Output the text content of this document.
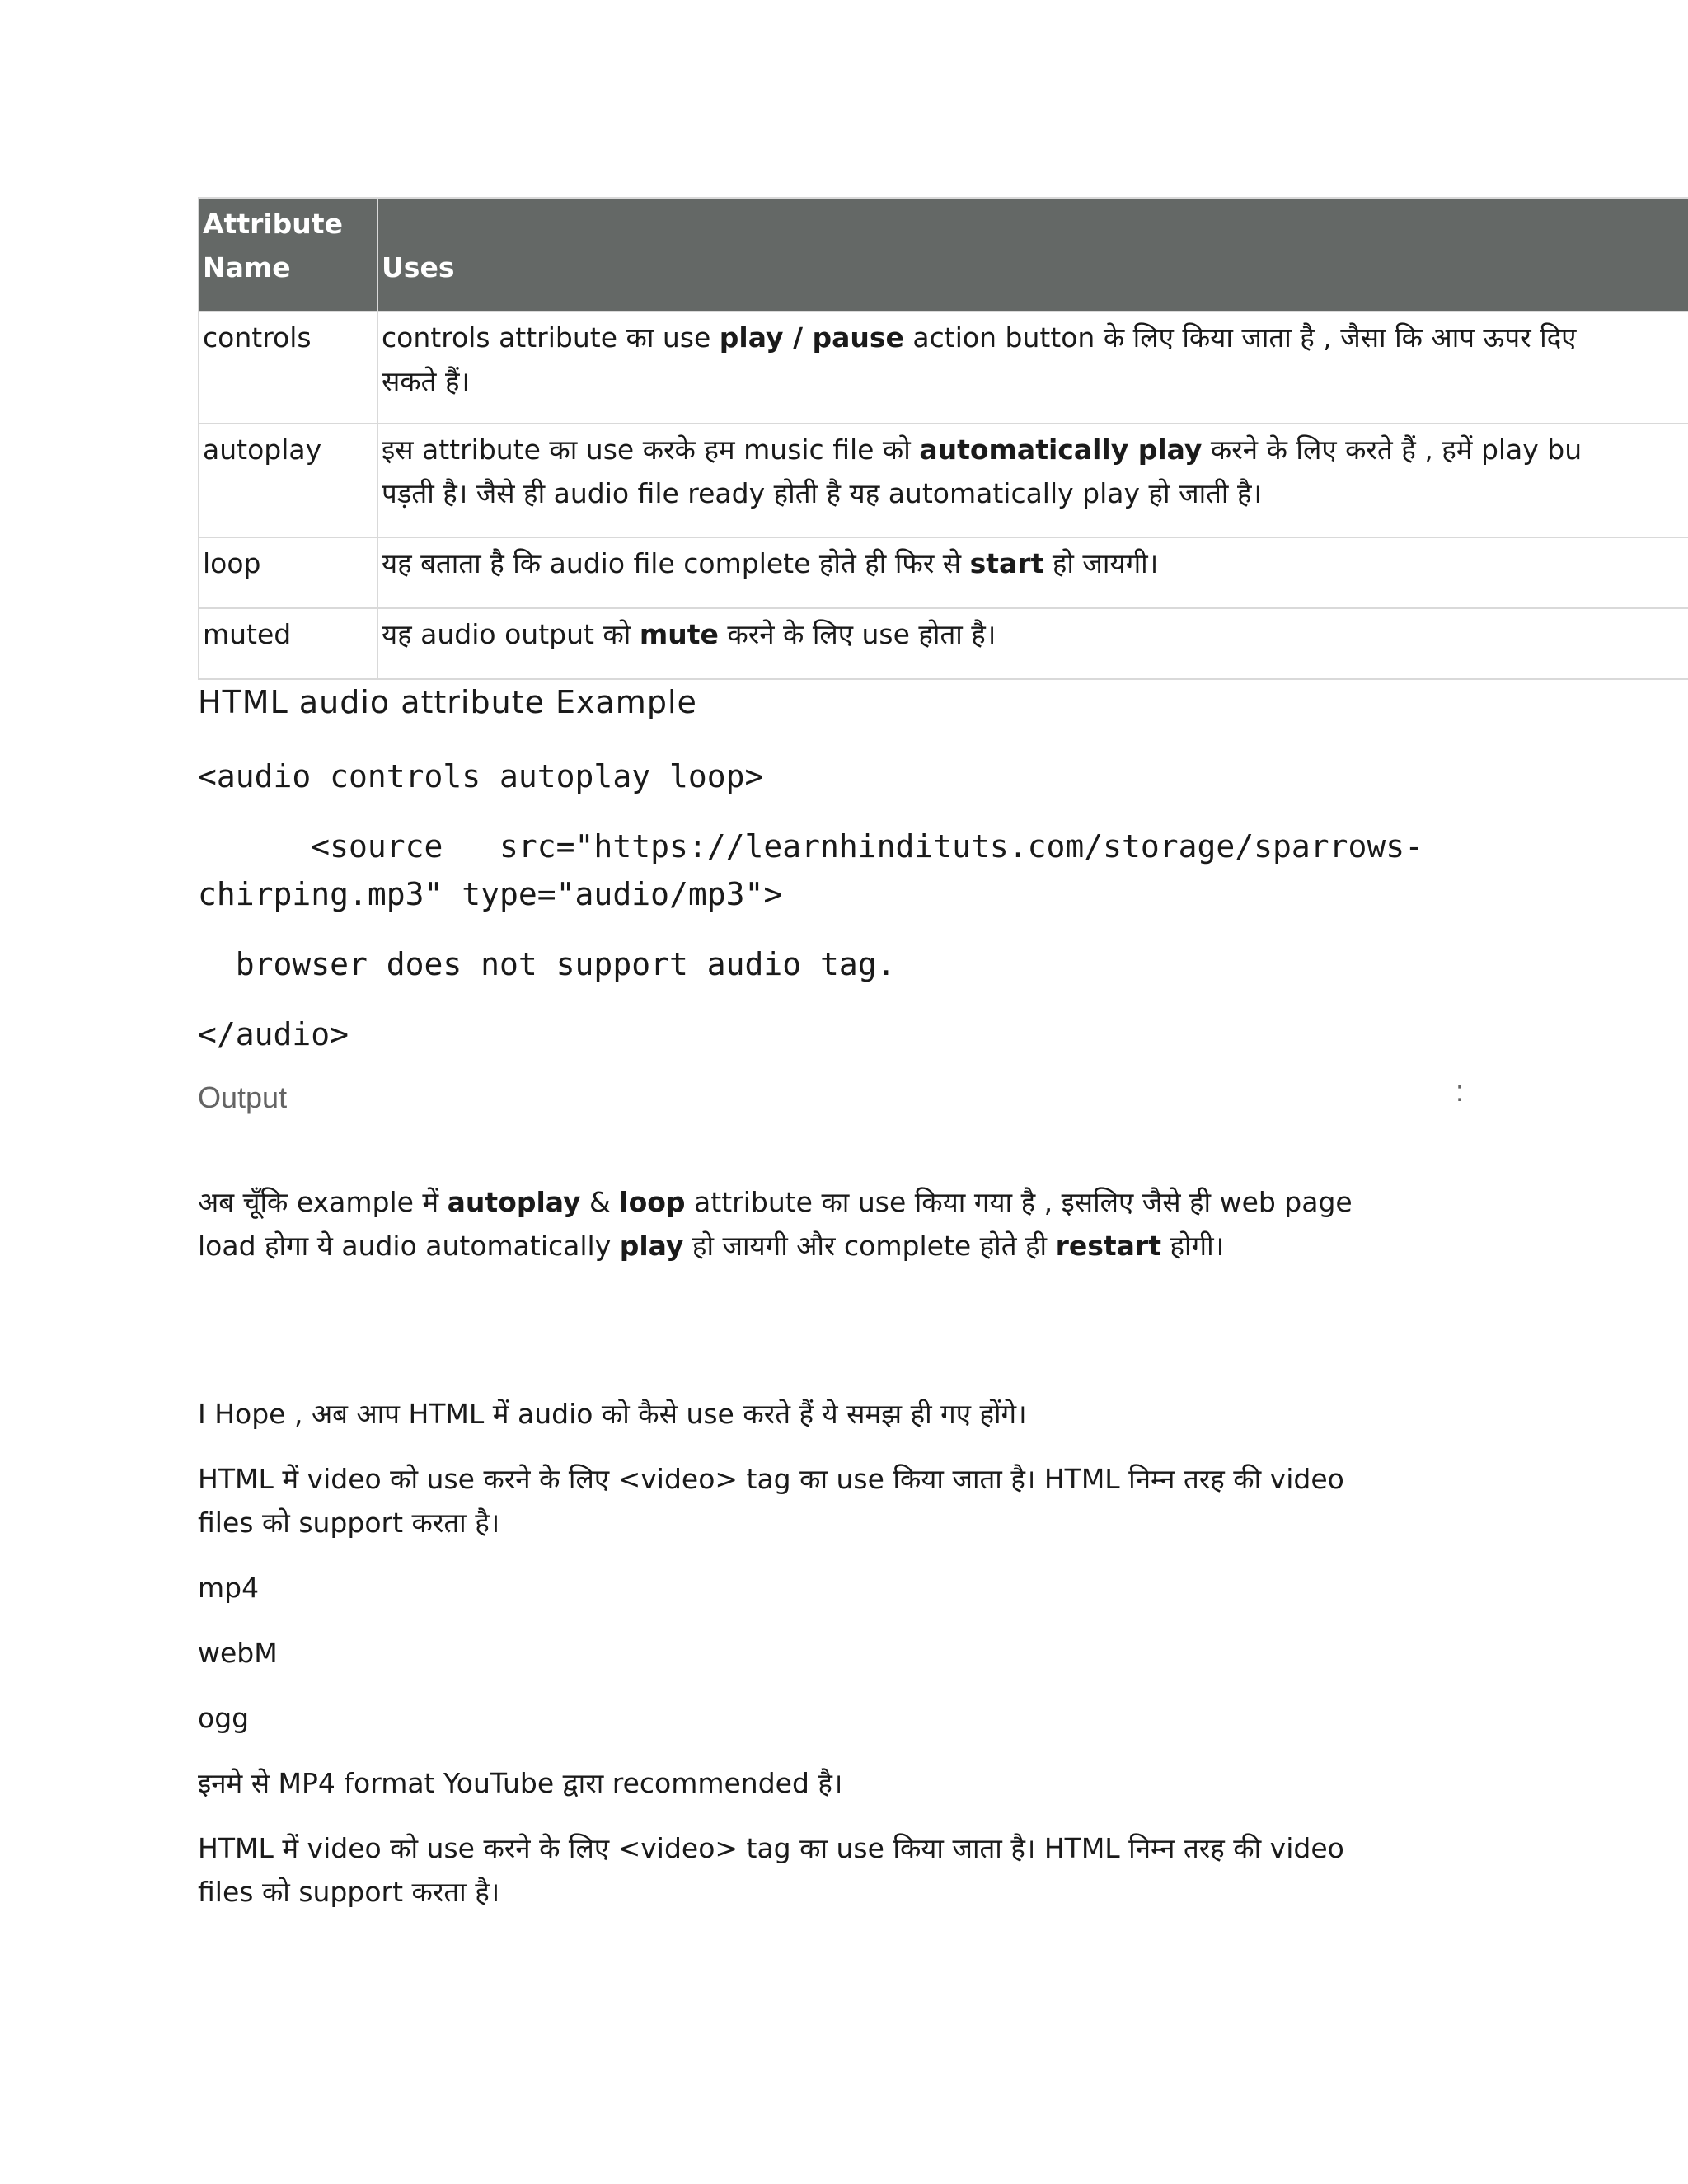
Attribute
Name	Uses
controls	controls attribute का use play / pause action button के लिए किया जाता है , जैसा कि आप ऊपर दिए
सकते हैं।

autoplay	इस attribute का use करके हम music file को automatically play करने के लिए करते हैं , हमें play bu
पड़ती है। जैसे ही audio file ready होती है यह automatically play हो जाती है।

loop	यह बताता है कि audio file complete होते ही फिर से start हो जायगी।

muted	यह audio output को mute करने के लिए use होता है।

HTML audio attribute Example

<audio controls autoplay loop>

<source   src="https://learnhindituts.com/storage/sparrows-

chirping.mp3" type="audio/mp3">

browser does not support audio tag.

</audio>

Output	:

अब चूँकि example में autoplay & loop attribute का use किया गया है , इसलिए जैसे ही web page

load होगा ये audio automatically play हो जायगी और complete होते ही restart होगी।

I Hope , अब आप HTML में audio को कैसे use करते हैं ये समझ ही गए होंगे।

HTML में video को use करने के लिए <video> tag का use किया जाता है। HTML निम्न तरह की video

files को support करता है।

mp4

webM

ogg

इनमे से MP4 format YouTube द्वारा recommended है।

HTML में video को use करने के लिए <video> tag का use किया जाता है। HTML निम्न तरह की video

files को support करता है।
